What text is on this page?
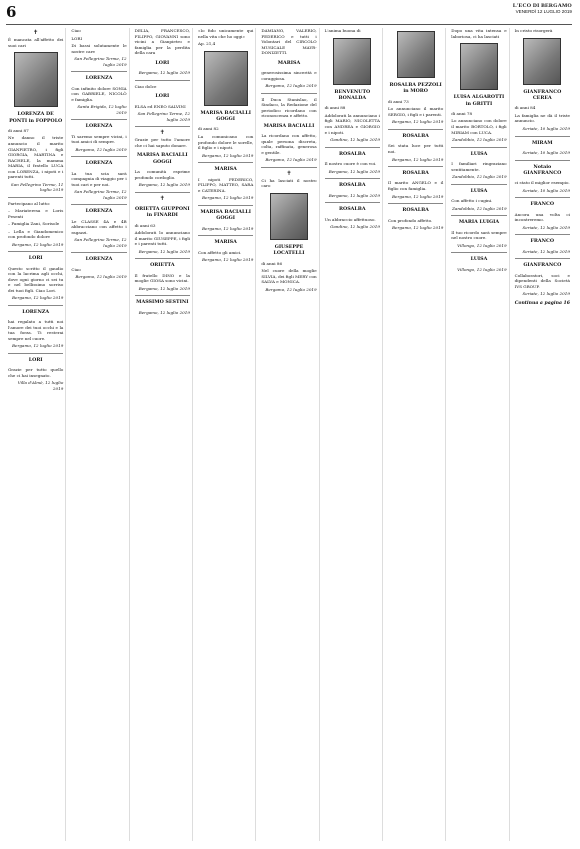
6	L'ECO DI BERGAMO
VENERDÌ 12 LUGLIO 2019
✝

È mancata all'affetto dei suoi cari

LORENZA DE PONTI in FOPPOLO

di anni 87

Ne danno il triste annuncio il marito GIANPIETRO, i figli GIORGIA, MARTINA e RACHELE, la mamma MARIA, il fratello LUCA con LORENZA, i nipoti e i parenti tutti.

San Pellegrino Terme, 11 luglio 2019

Partecipano al lutto:

– Mariateresa e Loris Pesenti

– Famiglia Zani, Sorisole

– Lella e Giandomenico con profondo dolore

Bergamo, 12 luglio 2019
LORI

Questo scritto il gaudio con la lacrima agli occhi, dove ogni giorno ci sei tu e nel bellissimo sorriso dei tuoi figli. Ciao Lori.

Bergamo, 12 luglio 2019
LORENZA

hai regalato a tutti noi l'amore dei tuoi occhi e la tua forza. Ti resterai sempre nel cuore.

Bergamo, 12 luglio 2019
LORI

Grazie per tutto quello che ci hai insegnato.

Villa d'Almè, 12 luglio 2019

Ciao

LORI

Di bassi solutamente le nostre care

San Pellegrino Terme, 12 luglio 2019
LORENZA

Con infinito dolore SONIA con GABRIELE, NICOLÒ e famiglia.

Santa Brigida, 12 luglio 2019
LORENZA

Ti saremo sempre vicini, i tuoi amici di sempre.

Bergamo, 12 luglio 2019
LORENZA

La tua scia sarà compagnia di viaggio per i tuoi cari e per noi.

San Pellegrino Terme, 12 luglio 2019
LORENZA

Le CLASSE 4A e 4B abbracciano con affetto i ragazzi.

San Pellegrino Terme, 12 luglio 2019
LORENZA

Ciao

Bergamo, 12 luglio 2019

DELIA, FRANCESCO, FILIPPO, GIOVANNI sono vicini a Gianpietro e famiglia per la perdita della cara

LORI
Bergamo, 12 luglio 2019

Ciao dolce

LORI

ELSA ed ENEO SALVINI

San Pellegrino Terme, 12 luglio 2019
✝

Grazie per tutto l'amore che ci hai saputo donare.

MARISA BACIALLI GOGGI

La comunità esprime profondo cordoglio.

Bergamo, 12 luglio 2019
✝
ORIETTA GIUPPONI in FINARDI

di anni 63

Addolorati lo annunciano il marito GIUSEPPE, i figli e i parenti tutti.

Bergamo, 12 luglio 2019
ORIETTA

Il fratello DINO e la moglie GIOSA sono vicini.

Bergamo, 12 luglio 2019
MASSIMO SESTINI
Bergamo, 12 luglio 2019

«Io fido unicamente qui nella vita che ho oggi»

Ap. 21,4

MARISA BACIALLI GOGGI

di anni 82

La comunicano con profondo dolore le sorelle, il figlio e i nipoti.

Bergamo, 12 luglio 2019
MARISA

I nipoti FEDERICO, FILIPPO, MATTEO, SARA e CATERINA.

Bergamo, 12 luglio 2019
MARISA BACIALLI GOGGI
Bergamo, 12 luglio 2019
MARISA

Con affetto gli amici.

Bergamo, 12 luglio 2019

DAMIANO, VALERIO, FEDERICO e tutti i Volontari del CIRCOLO MUSICALE MAYR-DONIZETTI.

MARISA

generosissima sincerità e coraggiosa.

Bergamo, 12 luglio 2019

Il Duca Stanislao, il Sindaco, la Redazione del periodico ricordano con riconoscenza e affetto.

MARISA BACIALLI

La ricordano con affetto, quale persona discreta, colta, raffinata, generosa e gentile.

Bergamo, 12 luglio 2019
✝

Ci ha lasciati il nostro caro

GIUSEPPE LOCATELLI

di anni 86

Nel cuore della moglie SILVIA, dei figli MERY con SALVA e MONICA.

Bergamo, 12 luglio 2019

L'anima buona di

BENVENUTO BONALDA

di anni 88

Addolorati la annunciano i figli MARIO, NICOLETTA con ANDREA e GIORGIO e i nipoti.

Gandino, 12 luglio 2019
ROSALBA

Il nostro cuore è con voi.

Bergamo, 12 luglio 2019
ROSALBA
Bergamo, 12 luglio 2019
ROSALBA

Un abbraccio affettuoso.

Gandino, 12 luglio 2019
ROSALBA PEZZOLI in MORO

di anni 73

Lo annunciano il marito SERGIO, i figli e i parenti.

Bergamo, 12 luglio 2019
ROSALBA

Sei stata luce per tutti noi.

Bergamo, 12 luglio 2019
ROSALBA

Il marito ANGELO e il figlio con famiglia.

Bergamo, 12 luglio 2019
ROSALBA

Con profondo affetto.

Bergamo, 12 luglio 2019

Dopo una vita intensa e laboriosa, ci ha lasciati

LUISA ALGAROTTI in GRITTI

di anni 78

Lo annunciano con dolore il marito BORTOLO, i figli MIRIAM con LUCA.

Zandobbio, 12 luglio 2019
LUISA

I familiari ringraziano sentitamente.

Zandobbio, 12 luglio 2019
LUISA

Con affetto i cugini.

Zandobbio, 12 luglio 2019
MARIA LUIGIA

Il tuo ricordo sarà sempre nel nostro cuore.

Villongo, 12 luglio 2019
LUISA
Villongo, 12 luglio 2019

In cristo risorgerà

GIANFRANCO CEREA

di anni 84

La famiglia ne dà il triste annuncio.

Seriate, 10 luglio 2019
MIRAM
Seriate, 10 luglio 2019
Notaio GIANFRANCO

ci stato il miglior esempio.

Seriate, 10 luglio 2019
FRANCO

Ancora una volta ci incontreremo.

Seriate, 12 luglio 2019
FRANCO
Seriate, 12 luglio 2019
GIANFRANCO

Collaboratori, soci e dipendenti della Società IVS GROUP.

Seriate, 12 luglio 2019
Continua a pagina 16
